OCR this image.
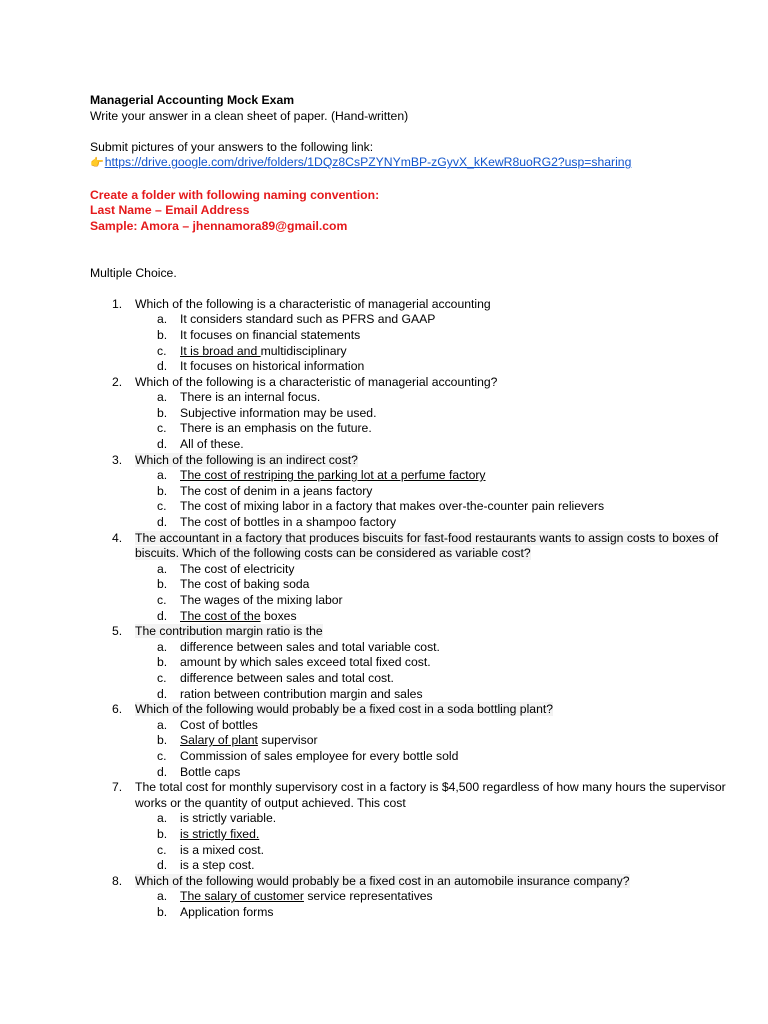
Managerial Accounting Mock Exam
Write your answer in a clean sheet of paper. (Hand-written)
Submit pictures of your answers to the following link:
👉https://drive.google.com/drive/folders/1DQz8CsPZYNYmBP-zGyvX_kKewR8uoRG2?usp=sharing
Create a folder with following naming convention:
Last Name – Email Address
Sample: Amora – jhennamora89@gmail.com
Multiple Choice.
1. Which of the following is a characteristic of managerial accounting
a. It considers standard such as PFRS and GAAP
b. It focuses on financial statements
c. It is broad and multidisciplinary
d. It focuses on historical information
2. Which of the following is a characteristic of managerial accounting?
a. There is an internal focus.
b. Subjective information may be used.
c. There is an emphasis on the future.
d. All of these.
3. Which of the following is an indirect cost?
a. The cost of restriping the parking lot at a perfume factory
b. The cost of denim in a jeans factory
c. The cost of mixing labor in a factory that makes over-the-counter pain relievers
d. The cost of bottles in a shampoo factory
4. The accountant in a factory that produces biscuits for fast-food restaurants wants to assign costs to boxes of biscuits. Which of the following costs can be considered as variable cost?
a. The cost of electricity
b. The cost of baking soda
c. The wages of the mixing labor
d. The cost of the boxes
5. The contribution margin ratio is the
a. difference between sales and total variable cost.
b. amount by which sales exceed total fixed cost.
c. difference between sales and total cost.
d. ration between contribution margin and sales
6. Which of the following would probably be a fixed cost in a soda bottling plant?
a. Cost of bottles
b. Salary of plant supervisor
c. Commission of sales employee for every bottle sold
d. Bottle caps
7. The total cost for monthly supervisory cost in a factory is $4,500 regardless of how many hours the supervisor works or the quantity of output achieved. This cost
a. is strictly variable.
b. is strictly fixed.
c. is a mixed cost.
d. is a step cost.
8. Which of the following would probably be a fixed cost in an automobile insurance company?
a. The salary of customer service representatives
b. Application forms
